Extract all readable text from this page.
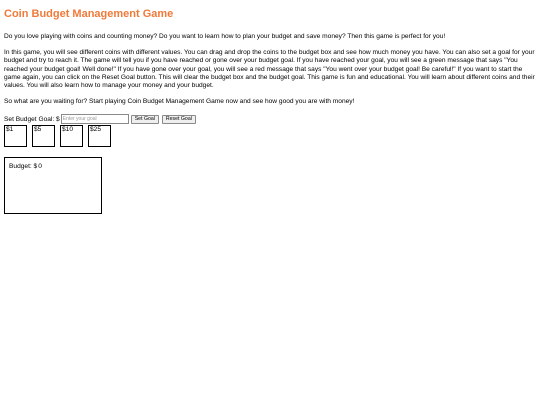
Coin Budget Management Game

Do you love playing with coins and counting money? Do you want to learn how to plan your budget and save money? Then this game is perfect for you!

In this game, you will see different coins with different values. You can drag and drop the coins to the budget box and see how much money you have. You can also set a goal for your budget and try to reach it. The game will tell you if you have reached or gone over your budget goal. If you have reached your goal, you will see a green message that says "You reached your budget goal! Well done!" If you have gone over your goal, you will see a red message that says "You went over your budget goal! Be careful!" If you want to start the game again, you can click on the Reset Goal button. This will clear the budget box and the budget goal. This game is fun and educational. You will learn about different coins and their values. You will also learn how to manage your money and your budget.

So what are you waiting for? Start playing Coin Budget Management Game now and see how good you are with money!

Set Budget Goal: $
Enter your goal	Set Goal	Reset Goal
$1	$5	$10	$25
Budget: $0
